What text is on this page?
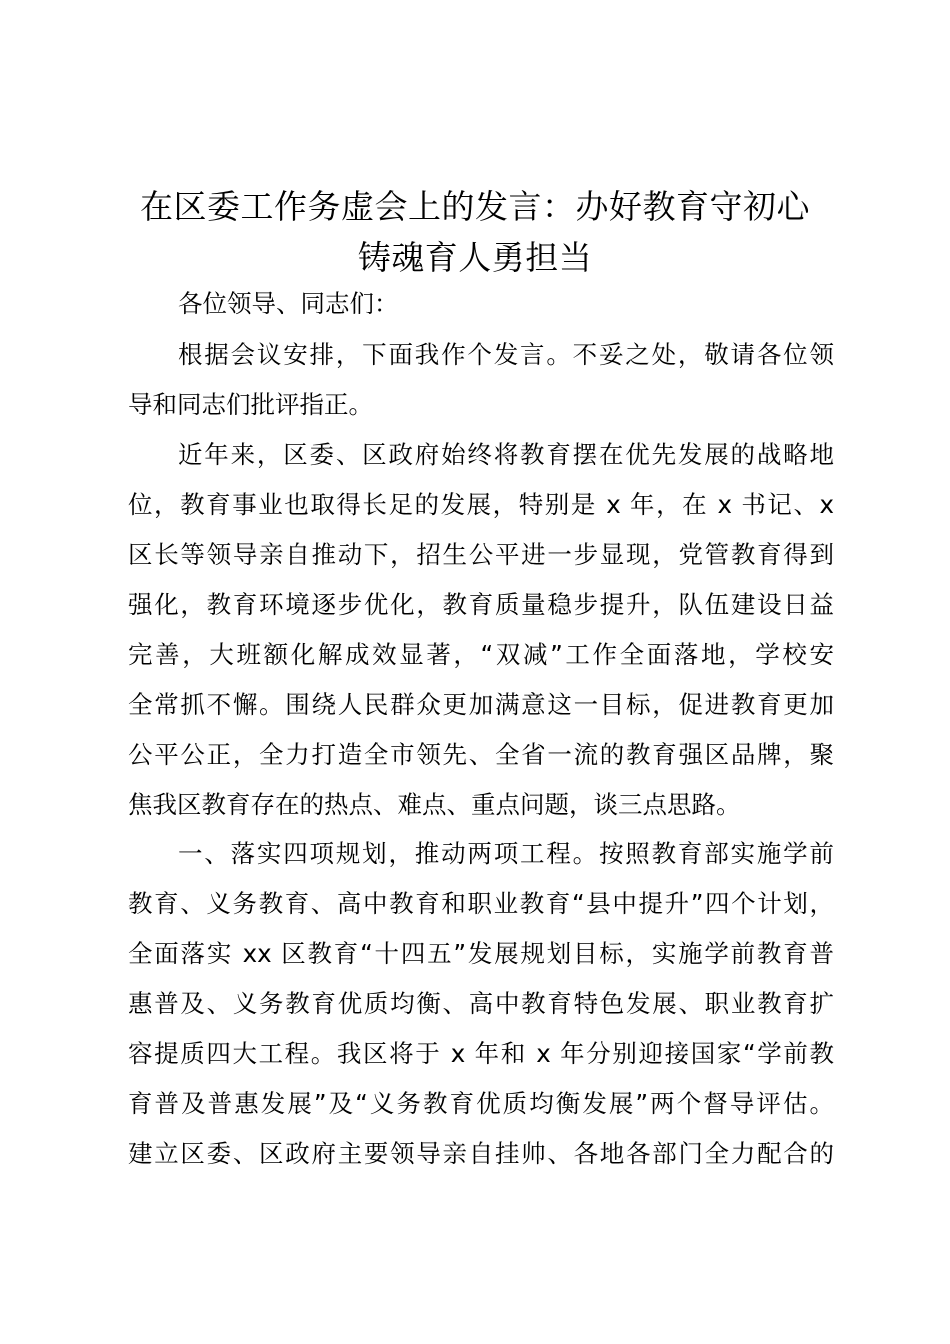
在区委工作务虚会上的发言：办好教育守初心
铸魂育人勇担当
各位领导、同志们：
根据会议安排，下面我作个发言。不妥之处，敬请各位领
导和同志们批评指正。
近年来，区委、区政府始终将教育摆在优先发展的战略地
位，教育事业也取得长足的发展，特别是 x 年，在 x 书记、x
区长等领导亲自推动下，招生公平进一步显现，党管教育得到
强化，教育环境逐步优化，教育质量稳步提升，队伍建设日益
完善，大班额化解成效显著，“双减”工作全面落地，学校安
全常抓不懈。围绕人民群众更加满意这一目标，促进教育更加
公平公正，全力打造全市领先、全省一流的教育强区品牌，聚
焦我区教育存在的热点、难点、重点问题，谈三点思路。
一、落实四项规划，推动两项工程。按照教育部实施学前
教育、义务教育、高中教育和职业教育“县中提升”四个计划，
全面落实 xx 区教育“十四五”发展规划目标，实施学前教育普
惠普及、义务教育优质均衡、高中教育特色发展、职业教育扩
容提质四大工程。我区将于 x 年和 x 年分别迎接国家“学前教
育普及普惠发展”及“义务教育优质均衡发展”两个督导评估。
建立区委、区政府主要领导亲自挂帅、各地各部门全力配合的
